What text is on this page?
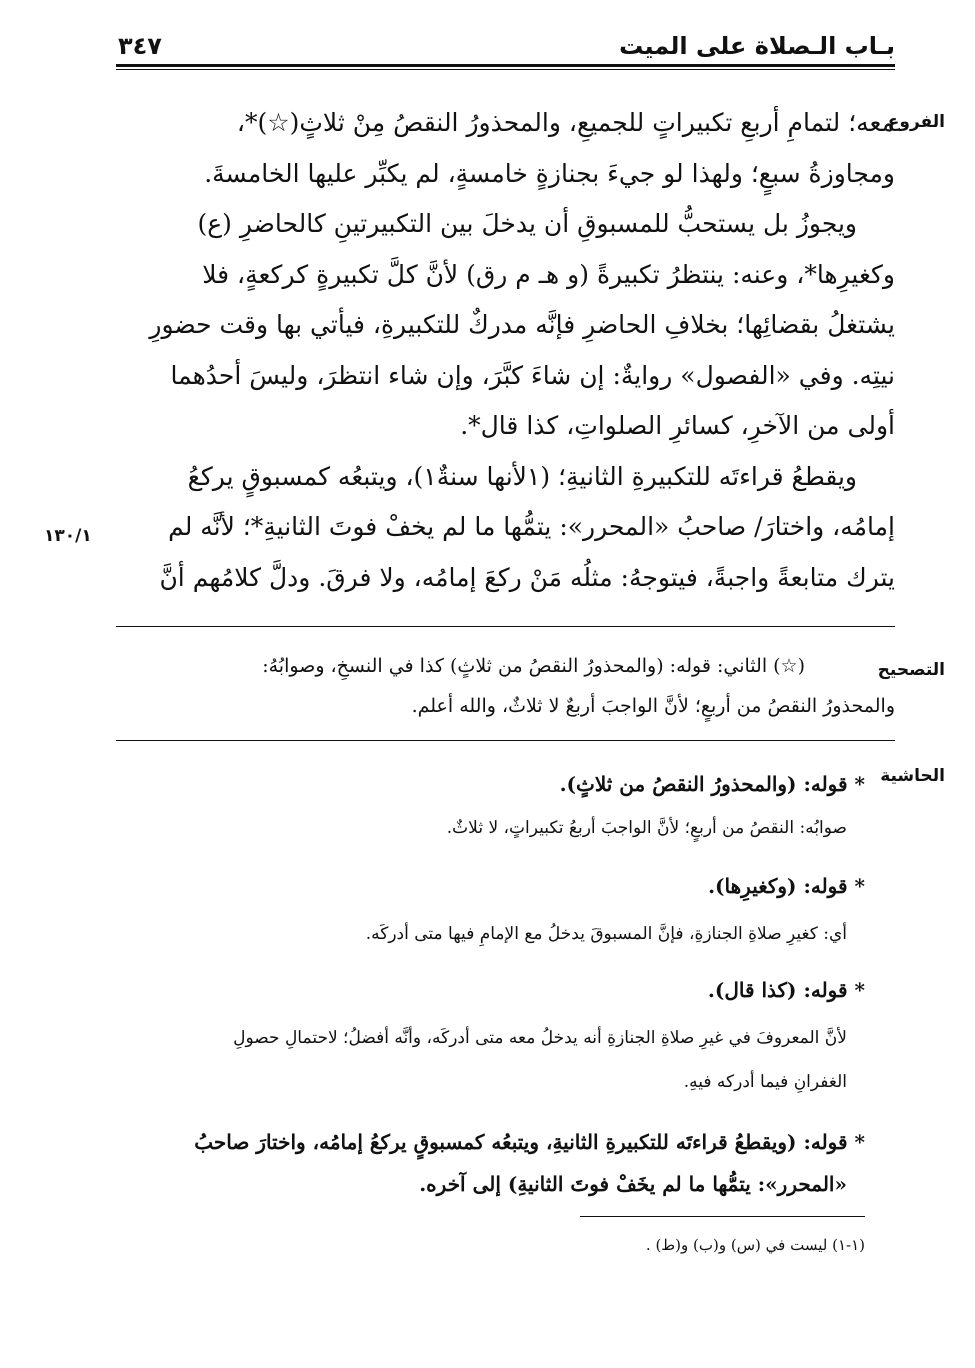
بـاب الـصلاة على الميت
٣٤٧
الفروع
١٣٠/١
التصحيح
الحاشية

معه؛ لتمامِ أربعِ تكبيراتٍ للجميعِ، والمحذورُ النقصُ مِنْ ثلاثٍ(☆)*،

ومجاوزةُ سبعٍ؛ ولهذا لو جيءَ بجنازةٍ خامسةٍ، لم يكبِّر عليها الخامسةَ.

ويجوزُ بل يستحبُّ للمسبوقِ أن يدخلَ بين التكبيرتينِ كالحاضرِ (ع)

وكغيرِها*، وعنه: ينتظرُ تكبيرةً (و هـ م رق) لأنَّ كلَّ تكبيرةٍ كركعةٍ، فلا

يشتغلُ بقضائِها؛ بخلافِ الحاضرِ فإنَّه مدركٌ للتكبيرةِ، فيأتي بها وقت حضورِ

نيتِه. وفي «الفصول» روايةٌ: إن شاءَ كبَّرَ، وإن شاء انتظرَ، وليسَ أحدُهما

أولى من الآخرِ، كسائرِ الصلواتِ، كذا قال*.

ويقطعُ قراءتَه للتكبيرةِ الثانيةِ؛ (١لأنها سنةٌ١)، ويتبعُه كمسبوقٍ يركعُ

إمامُه، واختارَ/ صاحبُ «المحرر»: يتمُّها ما لم يخفْ فوتَ الثانيةِ*؛ لأنَّه لم

يترك متابعةً واجبةً، فيتوجهُ: مثلُه مَنْ ركعَ إمامُه، ولا فرقَ. ودلَّ كلامُهم أنَّ

(☆) الثاني: قوله: (والمحذورُ النقصُ من ثلاثٍ) كذا في النسخِ، وصوابُهُ:

والمحذورُ النقصُ من أربعٍ؛ لأنَّ الواجبَ أربعٌ لا ثلاثٌ، والله أعلم.

* قوله: (والمحذورُ النقصُ من ثلاثٍ).
صوابُه: النقصُ من أربعٍ؛ لأنَّ الواجبَ أربعُ تكبيراتٍ، لا ثلاثٌ.
* قوله: (وكغيرِها).
أي: كغيرِ صلاةِ الجنازةِ، فإنَّ المسبوقَ يدخلُ مع الإمامِ فيها متى أدركَه.
* قوله: (كذا قال).
لأنَّ المعروفَ في غيرِ صلاةِ الجنازةِ أنه يدخلُ معه متى أدركَه، وأنَّه أفضلُ؛ لاحتمالِ حصولِ
الغفرانِ فيما أدركه فيهِ.
* قوله: (ويقطعُ قراءتَه للتكبيرةِ الثانيةِ، ويتبعُه كمسبوقٍ يركعُ إمامُه، واختارَ صاحبُ
«المحرر»: يتمُّها ما لم يخَفْ فوتَ الثانيةِ) إلى آخره.
(١-١) ليست في (س) و(ب) و(ط) .
